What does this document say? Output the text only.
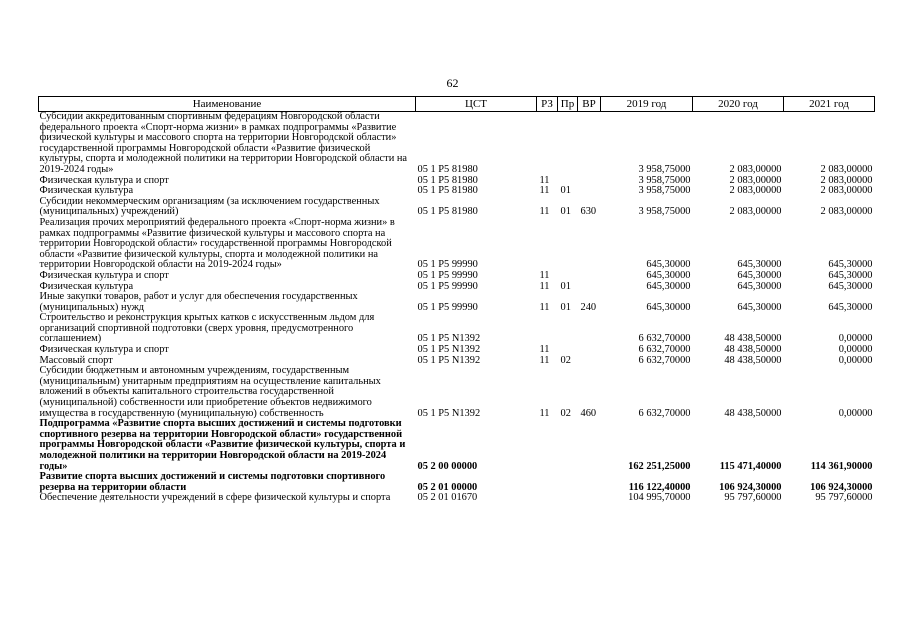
62
Наименование	ЦСТ	РЗ	Пр	ВР	2019 год	2020 год	2021 год
Субсидии аккредитованным спортивным федерациям Новгородской области федерального проекта «Спорт-норма жизни» в рамках подпрограммы «Развитие физической культуры и массового спорта на территории Новгородской области» государственной программы Новгородской области «Развитие физической культуры, спорта и молодежной политики на территории Новгородской области на 2019-2024 годы»	05 1 P5 81980				3 958,75000	2 083,00000	2 083,00000
Физическая культура и спорт	05 1 P5 81980	11			3 958,75000	2 083,00000	2 083,00000
Физическая культура	05 1 P5 81980	11	01		3 958,75000	2 083,00000	2 083,00000
Субсидии некоммерческим организациям (за исключением государственных (муниципальных) учреждений)	05 1 P5 81980	11	01	630	3 958,75000	2 083,00000	2 083,00000
Реализация прочих мероприятий федерального проекта «Спорт-норма жизни» в рамках подпрограммы «Развитие физической культуры и массового спорта на территории Новгородской области» государственной программы Новгородской области «Развитие физической культуры, спорта и молодежной политики на территории Новгородской области на 2019-2024 годы»	05 1 P5 99990				645,30000	645,30000	645,30000
Физическая культура и спорт	05 1 P5 99990	11			645,30000	645,30000	645,30000
Физическая культура	05 1 P5 99990	11	01		645,30000	645,30000	645,30000
Иные закупки товаров, работ и услуг для обеспечения государственных (муниципальных) нужд	05 1 P5 99990	11	01	240	645,30000	645,30000	645,30000
Строительство и реконструкция крытых катков с искусственным льдом для организаций спортивной подготовки (сверх уровня, предусмотренного соглашением)	05 1 P5 N1392				6 632,70000	48 438,50000	0,00000
Физическая культура и спорт	05 1 P5 N1392	11			6 632,70000	48 438,50000	0,00000
Массовый спорт	05 1 P5 N1392	11	02		6 632,70000	48 438,50000	0,00000
Субсидии бюджетным и автономным учреждениям, государственным (муниципальным) унитарным предприятиям на осуществление капитальных вложений в объекты капитального строительства государственной (муниципальной) собственности или приобретение объектов недвижимого имущества в государственную (муниципальную) собственность	05 1 P5 N1392	11	02	460	6 632,70000	48 438,50000	0,00000
Подпрограмма «Развитие спорта высших достижений и системы подготовки спортивного резерва на территории Новгородской области» государственной программы Новгородской области «Развитие физической культуры, спорта и молодежной политики на территории Новгородской области на 2019-2024 годы»	05 2 00 00000				162 251,25000	115 471,40000	114 361,90000
Развитие спорта высших достижений и системы подготовки спортивного резерва на территории области	05 2 01 00000				116 122,40000	106 924,30000	106 924,30000
Обеспечение деятельности учреждений в сфере физической культуры и спорта	05 2 01 01670				104 995,70000	95 797,60000	95 797,60000
